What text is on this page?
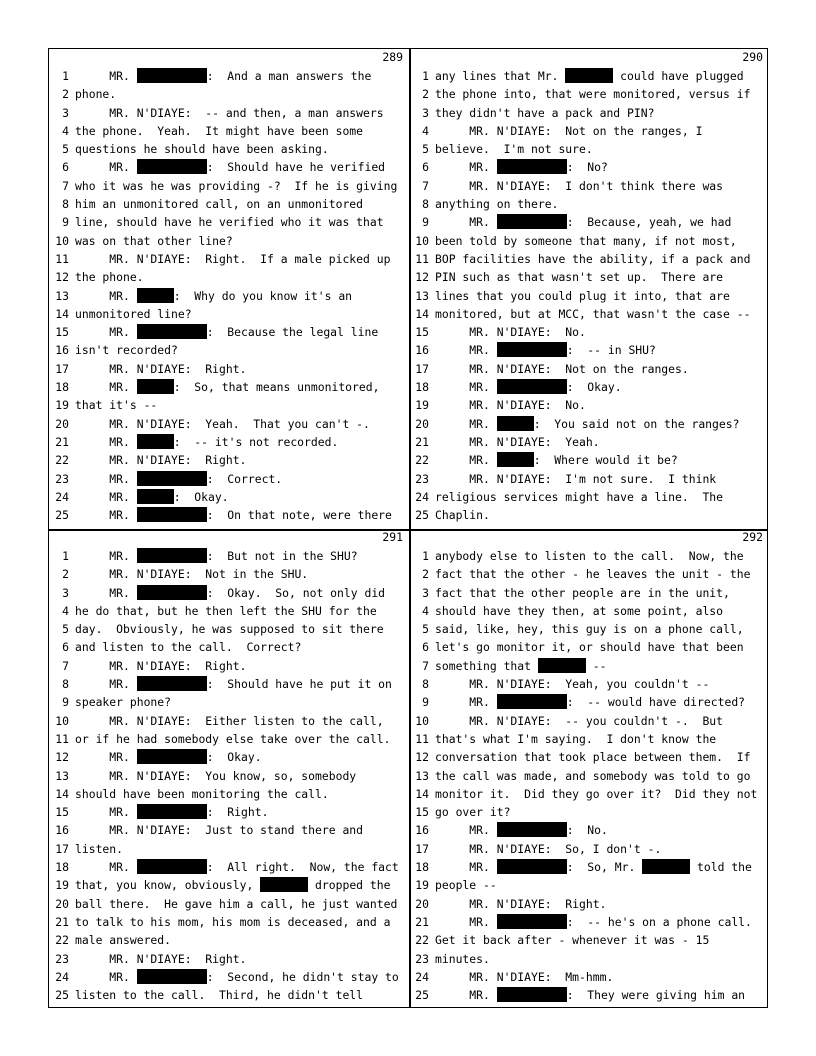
289
1 MR.	:  And a man answers the
2 phone.
3 MR. N'DIAYE:  -- and then, a man answers
4 the phone.  Yeah.  It might have been some
5 questions he should have been asking.
6 MR.	:  Should have he verified
7 who it was he was providing -?  If he is giving
8 him an unmonitored call, on an unmonitored
9 line, should have he verified who it was that
10 was on that other line?
11 MR. N'DIAYE:  Right.  If a male picked up
12 the phone.
13 MR.	:  Why do you know it's an
14 unmonitored line?
15 MR.	:  Because the legal line
16 isn't recorded?
17 MR. N'DIAYE:  Right.
18 MR.	:  So, that means unmonitored,
19 that it's --
20 MR. N'DIAYE:  Yeah.  That you can't -.
21 MR.	:  -- it's not recorded.
22 MR. N'DIAYE:  Right.
23 MR.	:  Correct.
24 MR.	:  Okay.
25 MR.	:  On that note, were there
290
1 any lines that Mr.	could have plugged
2 the phone into, that were monitored, versus if
3 they didn't have a pack and PIN?
4 MR. N'DIAYE:  Not on the ranges, I
5 believe.  I'm not sure.
6 MR.	:  No?
7 MR. N'DIAYE:  I don't think there was
8 anything on there.
9 MR.	:  Because, yeah, we had
10 been told by someone that many, if not most,
11 BOP facilities have the ability, if a pack and
12 PIN such as that wasn't set up.  There are
13 lines that you could plug it into, that are
14 monitored, but at MCC, that wasn't the case --
15 MR. N'DIAYE:  No.
16 MR.	:  -- in SHU?
17 MR. N'DIAYE:  Not on the ranges.
18 MR.	:  Okay.
19 MR. N'DIAYE:  No.
20 MR.	:  You said not on the ranges?
21 MR. N'DIAYE:  Yeah.
22 MR.	:  Where would it be?
23 MR. N'DIAYE:  I'm not sure.  I think
24 religious services might have a line.  The
25 Chaplin.
291
1 MR.	:  But not in the SHU?
2 MR. N'DIAYE:  Not in the SHU.
3 MR.	:  Okay.  So, not only did
4 he do that, but he then left the SHU for the
5 day.  Obviously, he was supposed to sit there
6 and listen to the call.  Correct?
7 MR. N'DIAYE:  Right.
8 MR.	:  Should have he put it on
9 speaker phone?
10 MR. N'DIAYE:  Either listen to the call,
11 or if he had somebody else take over the call.
12 MR.	:  Okay.
13 MR. N'DIAYE:  You know, so, somebody
14 should have been monitoring the call.
15 MR.	:  Right.
16 MR. N'DIAYE:  Just to stand there and
17 listen.
18 MR.	:  All right.  Now, the fact
19 that, you know, obviously,	dropped the
20 ball there.  He gave him a call, he just wanted
21 to talk to his mom, his mom is deceased, and a
22 male answered.
23 MR. N'DIAYE:  Right.
24 MR.	:  Second, he didn't stay to
25 listen to the call.  Third, he didn't tell
292
1 anybody else to listen to the call.  Now, the
2 fact that the other - he leaves the unit - the
3 fact that the other people are in the unit,
4 should have they then, at some point, also
5 said, like, hey, this guy is on a phone call,
6 let's go monitor it, or should have that been
7 something that	--
8 MR. N'DIAYE:  Yeah, you couldn't --
9 MR.	:  -- would have directed?
10 MR. N'DIAYE:  -- you couldn't -.  But
11 that's what I'm saying.  I don't know the
12 conversation that took place between them.  If
13 the call was made, and somebody was told to go
14 monitor it.  Did they go over it?  Did they not
15 go over it?
16 MR.	:  No.
17 MR. N'DIAYE:  So, I don't -.
18 MR.	:  So, Mr.	told the
19 people --
20 MR. N'DIAYE:  Right.
21 MR.	:  -- he's on a phone call.
22 Get it back after - whenever it was - 15
23 minutes.
24 MR. N'DIAYE:  Mm-hmm.
25 MR.	:  They were giving him an
